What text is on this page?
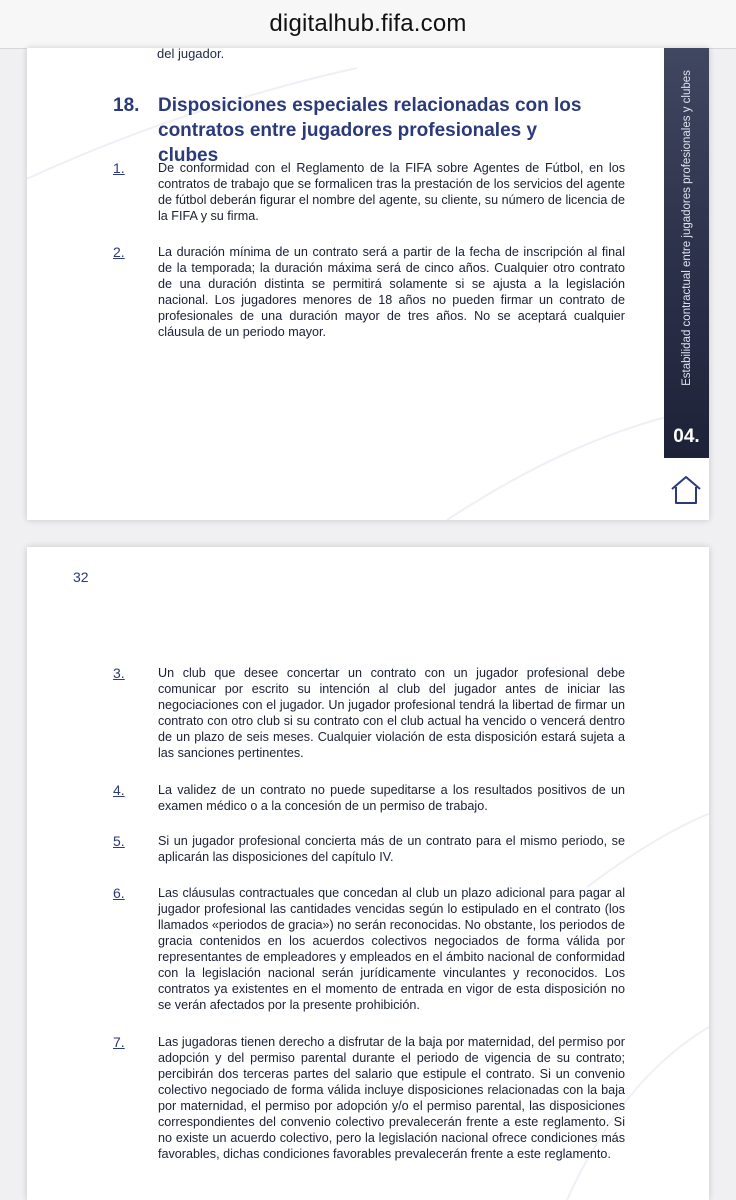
digitalhub.fifa.com
del jugador.
18. Disposiciones especiales relacionadas con los contratos entre jugadores profesionales y clubes
1.	De conformidad con el Reglamento de la FIFA sobre Agentes de Fútbol, en los contratos de trabajo que se formalicen tras la prestación de los servicios del agente de fútbol deberán figurar el nombre del agente, su cliente, su número de licencia de la FIFA y su firma.
2.	La duración mínima de un contrato será a partir de la fecha de inscripción al final de la temporada; la duración máxima será de cinco años. Cualquier otro contrato de una duración distinta se permitirá solamente si se ajusta a la legislación nacional. Los jugadores menores de 18 años no pueden firmar un contrato de profesionales de una duración mayor de tres años. No se aceptará cualquier cláusula de un periodo mayor.	Estabilidad contractual entre jugadores profesionales y clubes
04.
32
3.	Un club que desee concertar un contrato con un jugador profesional debe comunicar por escrito su intención al club del jugador antes de iniciar las negociaciones con el jugador. Un jugador profesional tendrá la libertad de firmar un contrato con otro club si su contrato con el club actual ha vencido o vencerá dentro de un plazo de seis meses. Cualquier violación de esta disposición estará sujeta a las sanciones pertinentes.
4.	La validez de un contrato no puede supeditarse a los resultados positivos de un examen médico o a la concesión de un permiso de trabajo.
5.	Si un jugador profesional concierta más de un contrato para el mismo periodo, se aplicarán las disposiciones del capítulo IV.
6.	Las cláusulas contractuales que concedan al club un plazo adicional para pagar al jugador profesional las cantidades vencidas según lo estipulado en el contrato (los llamados «periodos de gracia») no serán reconocidas. No obstante, los periodos de gracia contenidos en los acuerdos colectivos negociados de forma válida por representantes de empleadores y empleados en el ámbito nacional de conformidad con la legislación nacional serán jurídicamente vinculantes y reconocidos. Los contratos ya existentes en el momento de entrada en vigor de esta disposición no se verán afectados por la presente prohibición.
7.	Las jugadoras tienen derecho a disfrutar de la baja por maternidad, del permiso por adopción y del permiso parental durante el periodo de vigencia de su contrato; percibirán dos terceras partes del salario que estipule el contrato. Si un convenio colectivo negociado de forma válida incluye disposiciones relacionadas con la baja por maternidad, el permiso por adopción y/o el permiso parental, las disposiciones correspondientes del convenio colectivo prevalecerán frente a este reglamento. Si no existe un acuerdo colectivo, pero la legislación nacional ofrece condiciones más favorables, dichas condiciones favorables prevalecerán frente a este reglamento.
